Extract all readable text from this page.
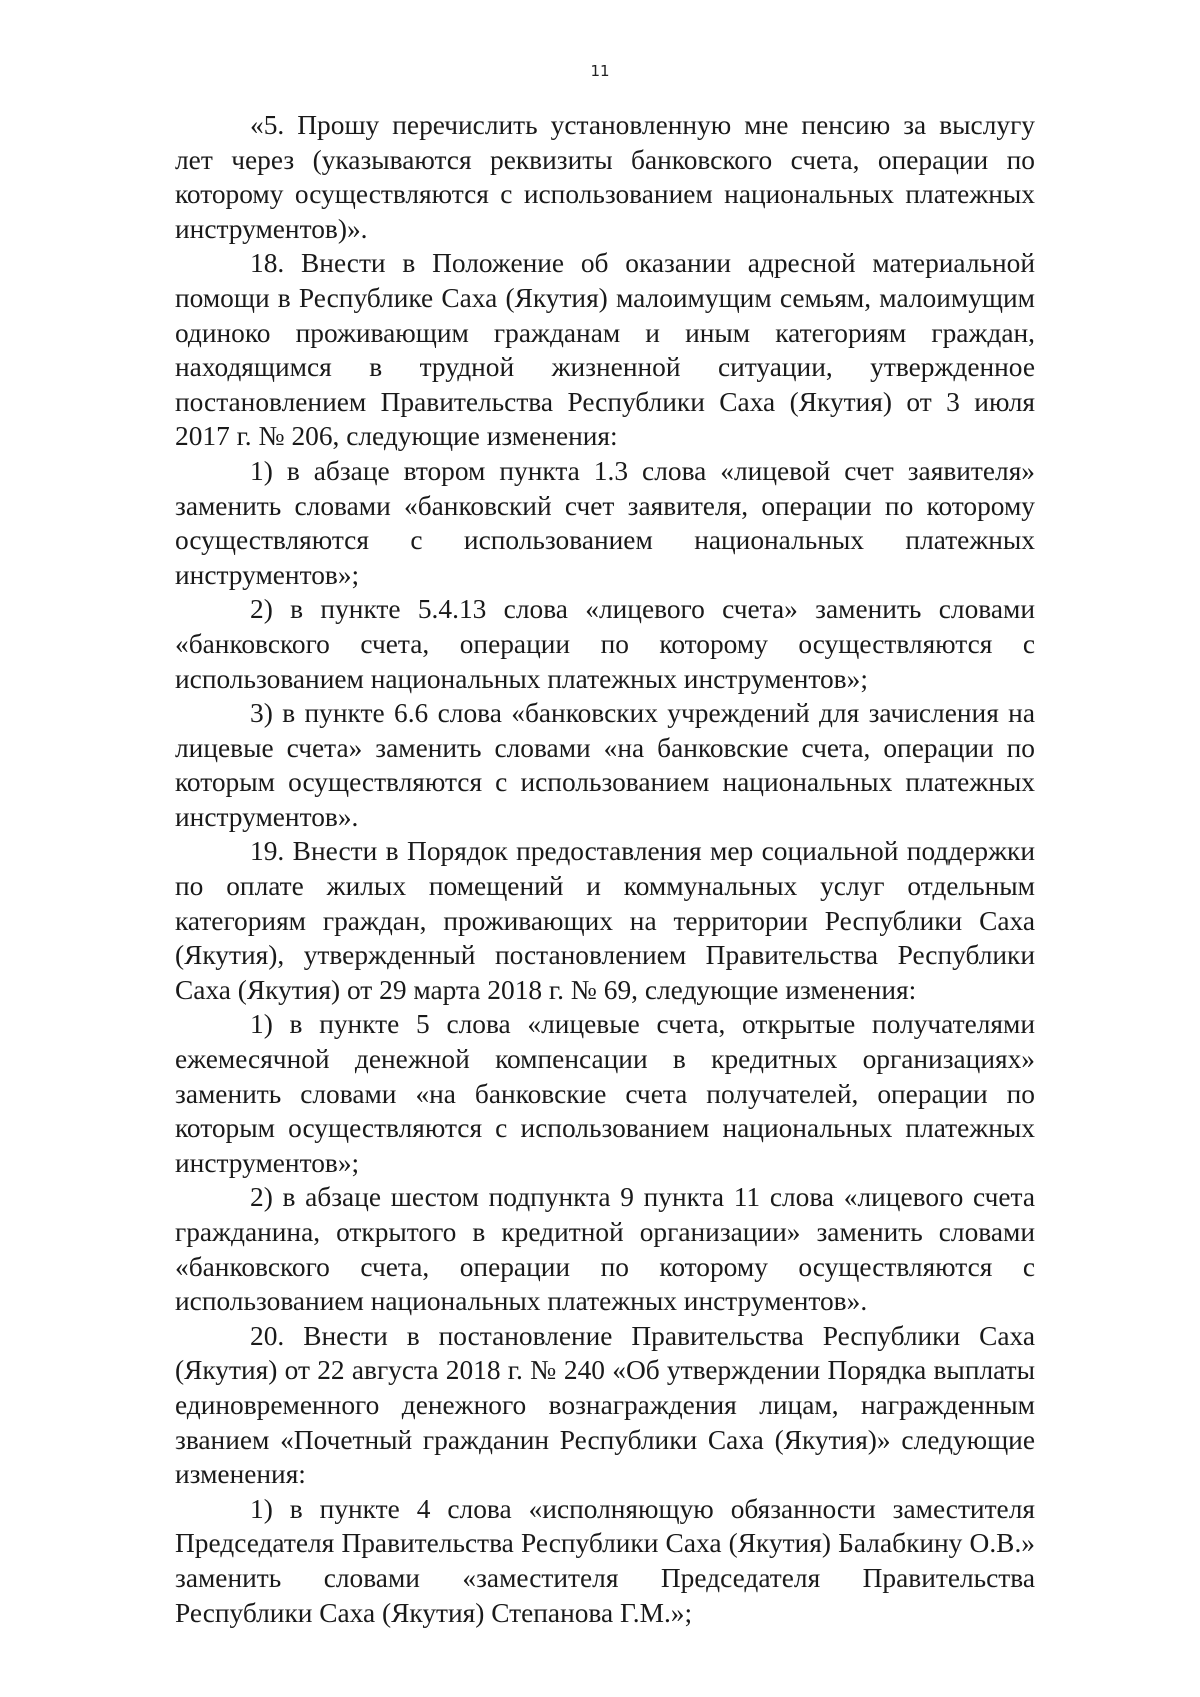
11

«5. Прошу перечислить установленную мне пенсию за выслугу лет через (указываются реквизиты банковского счета, операции по которому осуществляются с использованием национальных платежных инструментов)».

18. Внести в Положение об оказании адресной материальной помощи в Республике Саха (Якутия) малоимущим семьям, малоимущим одиноко проживающим гражданам и иным категориям граждан, находящимся в трудной жизненной ситуации, утвержденное постановлением Правительства Республики Саха (Якутия) от 3 июля 2017 г. № 206, следующие изменения:

1) в абзаце втором пункта 1.3 слова «лицевой счет заявителя» заменить словами «банковский счет заявителя, операции по которому осуществляются с использованием национальных платежных инструментов»;

2) в пункте 5.4.13 слова «лицевого счета» заменить словами «банковского счета, операции по которому осуществляются с использованием национальных платежных инструментов»;

3) в пункте 6.6 слова «банковских учреждений для зачисления на лицевые счета» заменить словами «на банковские счета, операции по которым осуществляются с использованием национальных платежных инструментов».

19. Внести в Порядок предоставления мер социальной поддержки по оплате жилых помещений и коммунальных услуг отдельным категориям граждан, проживающих на территории Республики Саха (Якутия), утвержденный постановлением Правительства Республики Саха (Якутия) от 29 марта 2018 г. № 69, следующие изменения:

1) в пункте 5 слова «лицевые счета, открытые получателями ежемесячной денежной компенсации в кредитных организациях» заменить словами «на банковские счета получателей, операции по которым осуществляются с использованием национальных платежных инструментов»;

2) в абзаце шестом подпункта 9 пункта 11 слова «лицевого счета гражданина, открытого в кредитной организации» заменить словами «банковского счета, операции по которому осуществляются с использованием национальных платежных инструментов».

20. Внести в постановление Правительства Республики Саха (Якутия) от 22 августа 2018 г. № 240 «Об утверждении Порядка выплаты единовременного денежного вознаграждения лицам, награжденным званием «Почетный гражданин Республики Саха (Якутия)» следующие изменения:

1) в пункте 4 слова «исполняющую обязанности заместителя Председателя Правительства Республики Саха (Якутия) Балабкину О.В.» заменить словами «заместителя Председателя Правительства Республики Саха (Якутия) Степанова Г.М.»;
